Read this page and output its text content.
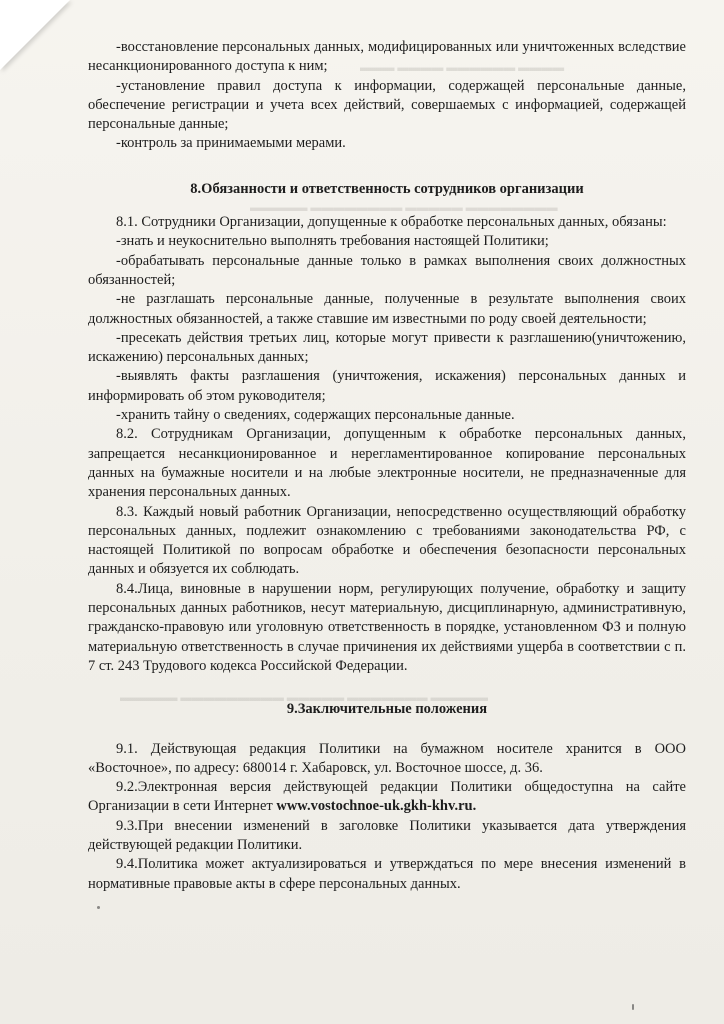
▬▬▬▬ ▬▬▬▬▬▬ ▬▬▬▬ ▬▬▬
▬▬▬▬▬▬▬▬ ▬▬▬▬▬ ▬▬▬▬▬▬▬▬ ▬▬▬▬▬
▬▬▬▬▬ ▬▬▬▬▬▬▬ ▬▬▬▬▬ ▬▬▬▬▬▬▬▬▬ ▬▬▬▬▬

-восстановление персональных данных, модифицированных или уничтоженных вследствие несанкционированного доступа к ним;

-установление правил доступа к информации, содержащей персональные данные, обеспечение регистрации и учета всех действий, совершаемых с информацией, содержащей персональные данные;

-контроль за принимаемыми мерами.

8.Обязанности и ответственность сотрудников организации

8.1. Сотрудники Организации, допущенные к обработке персональных данных, обязаны:

-знать и неукоснительно выполнять требования настоящей Политики;

-обрабатывать персональные данные только в рамках выполнения своих должностных обязанностей;

-не разглашать персональные данные, полученные в результате выполнения своих должностных обязанностей, а также ставшие им известными по роду своей деятельности;

-пресекать действия третьих лиц, которые могут привести к разглашению(уничтожению, искажению) персональных данных;

-выявлять факты разглашения (уничтожения, искажения) персональных данных и информировать об этом руководителя;

-хранить тайну о сведениях, содержащих персональные данные.

8.2. Сотрудникам Организации, допущенным к обработке персональных данных, запрещается несанкционированное и нерегламентированное копирование персональных данных на бумажные носители и на любые электронные носители, не предназначенные для хранения персональных данных.

8.3. Каждый новый работник Организации, непосредственно осуществляющий обработку персональных данных, подлежит ознакомлению с требованиями законодательства РФ, с настоящей Политикой по вопросам обработке и обеспечения безопасности персональных данных и обязуется их соблюдать.

8.4.Лица, виновные в нарушении норм, регулирующих получение, обработку и защиту персональных данных работников, несут материальную, дисциплинарную, административную, гражданско-правовую или уголовную ответственность в порядке, установленном ФЗ и полную материальную ответственность в случае причинения их действиями ущерба в соответствии с п. 7 ст. 243 Трудового кодекса Российской Федерации.

9.Заключительные положения

9.1. Действующая редакция Политики на бумажном носителе хранится в ООО «Восточное», по адресу: 680014 г. Хабаровск, ул. Восточное шоссе, д. 36.

9.2.Электронная версия действующей редакции Политики общедоступна на сайте Организации в сети Интернет www.vostochnoe-uk.gkh-khv.ru.

9.3.При внесении изменений в заголовке Политики указывается дата утверждения действующей редакции Политики.

9.4.Политика может актуализироваться и утверждаться по мере внесения изменений в нормативные правовые акты в сфере персональных данных.
